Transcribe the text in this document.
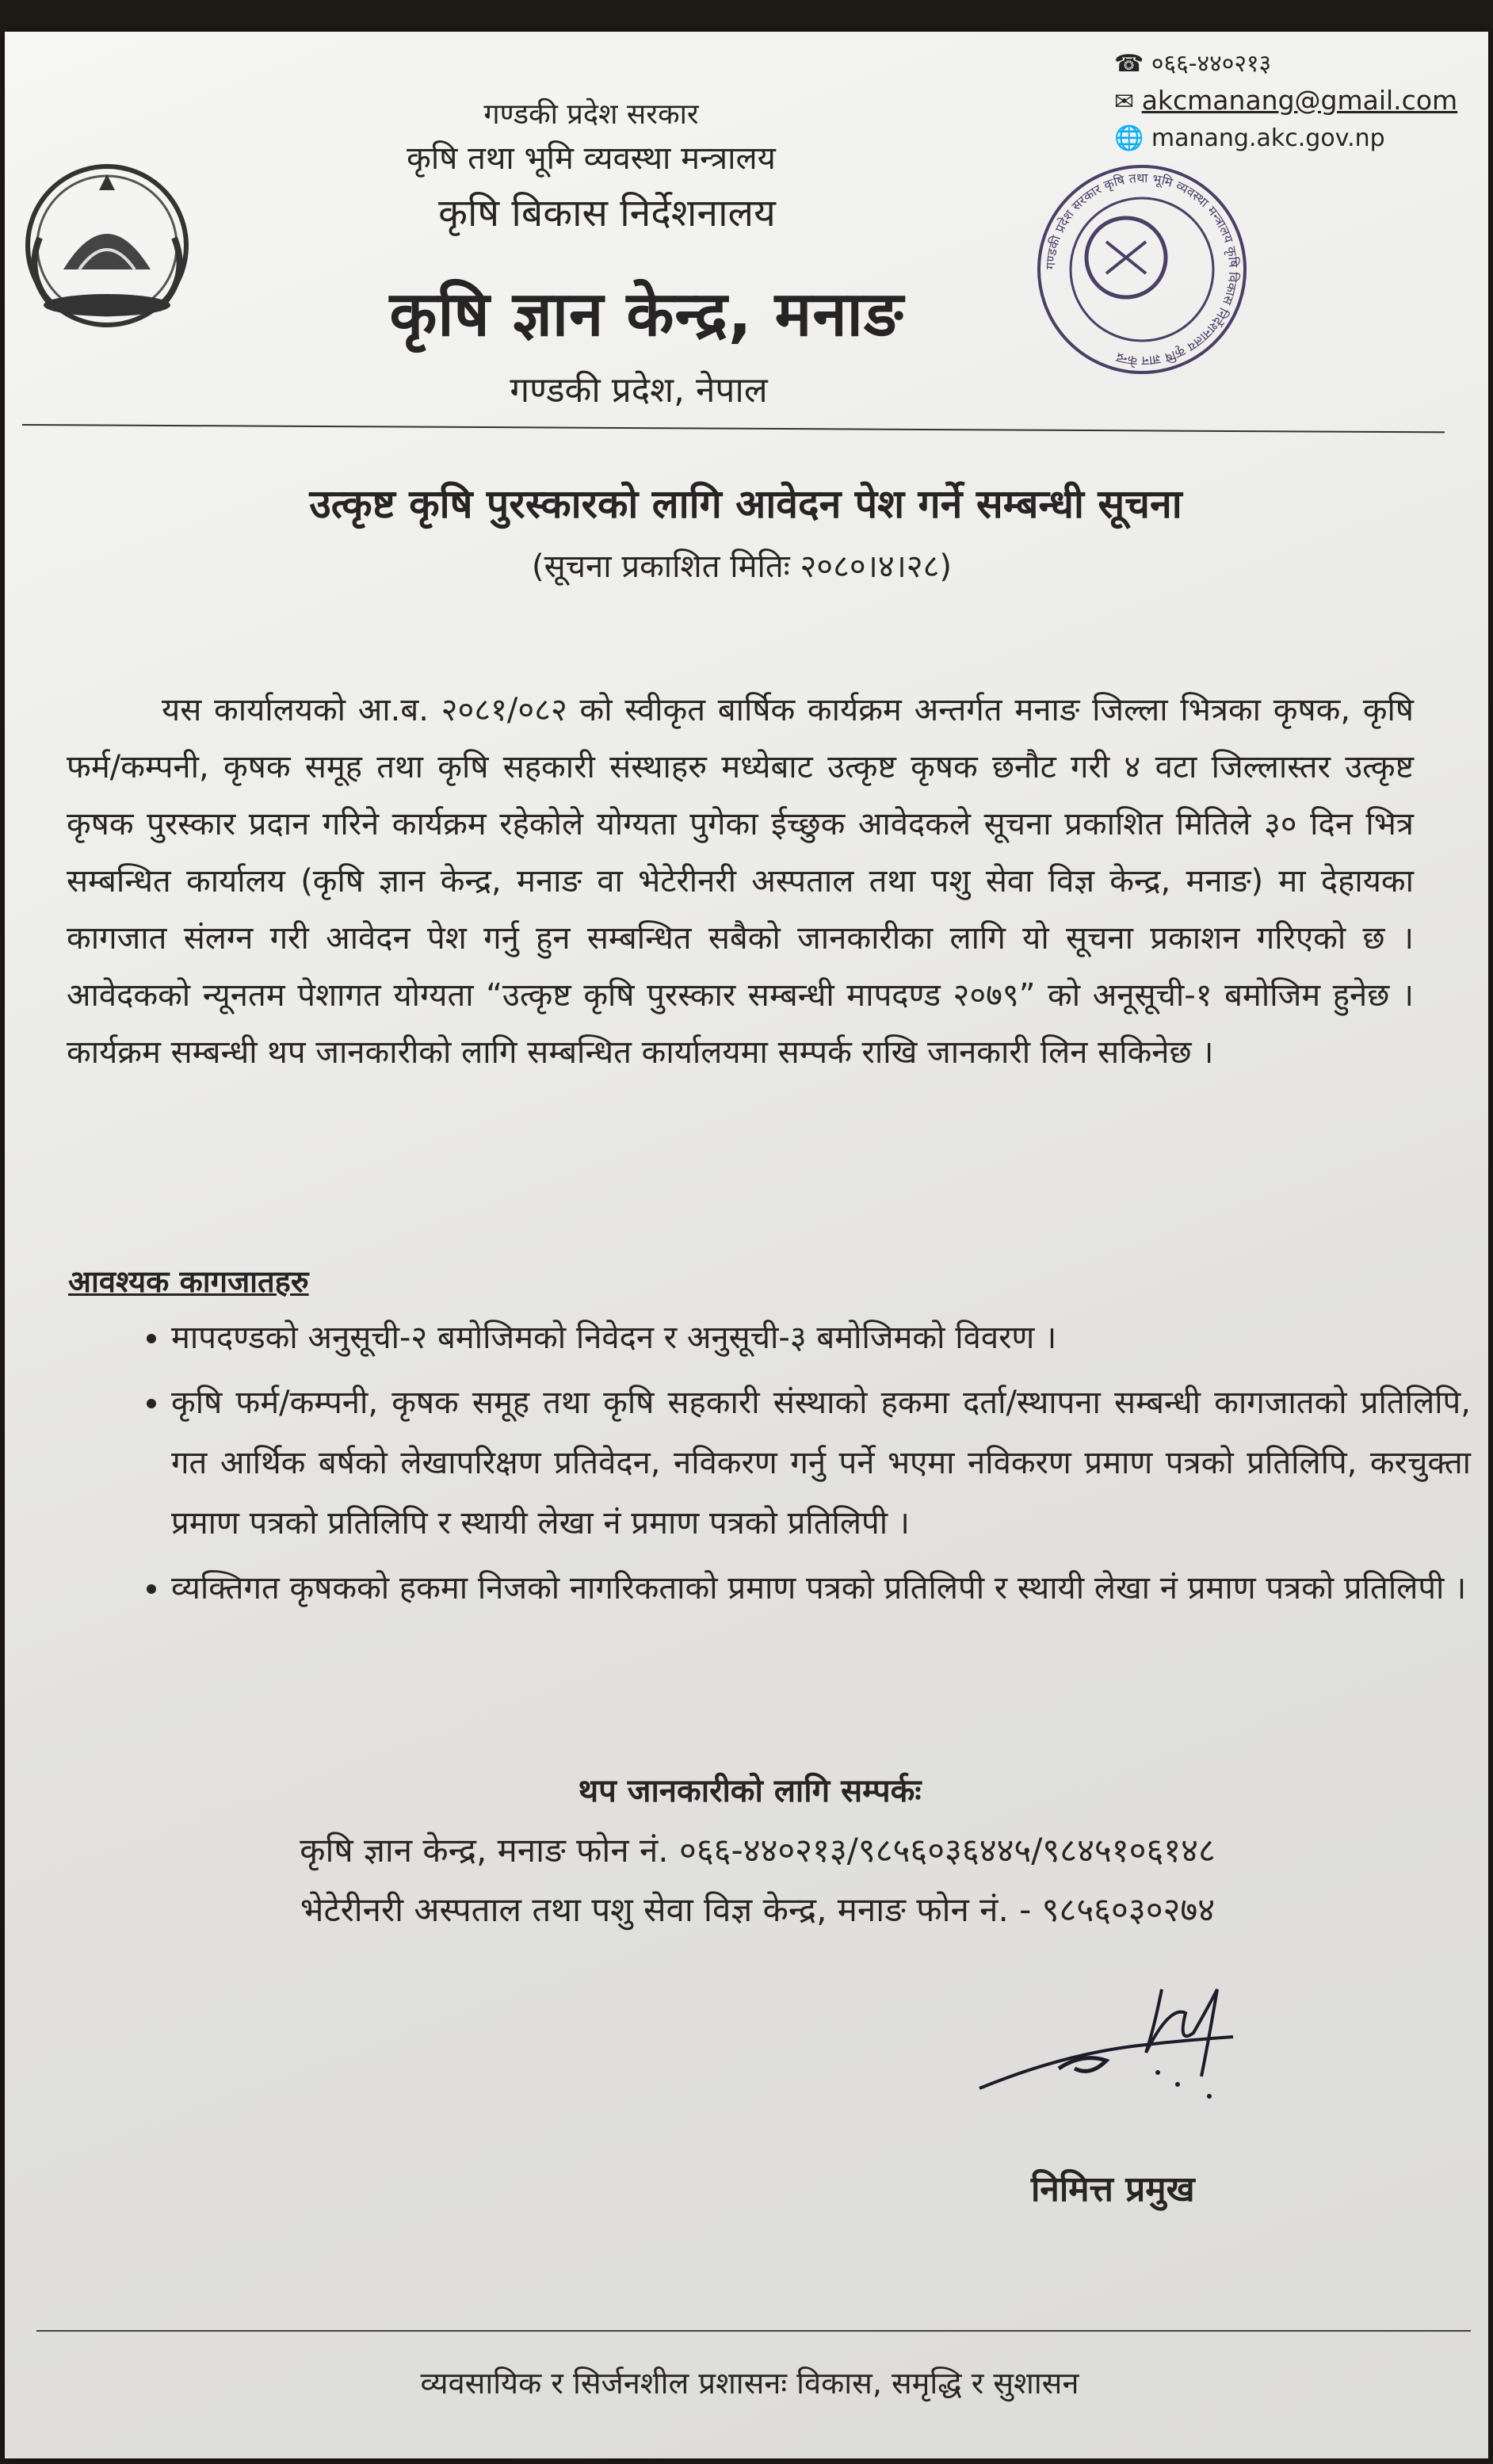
गण्डकी प्रदेश सरकार
कृषि तथा भूमि व्यवस्था मन्त्रालय
कृषि बिकास निर्देशनालय
कृषि ज्ञान केन्द्र, मनाङ
गण्डकी प्रदेश, नेपाल
गण्डकी प्रदेश सरकार कृषि तथा भूमि व्यवस्था मन्त्रालय कृषि विकास निर्देशनालय कृषि ज्ञान केन्द्र
☎ ०६६-४४०२१३
✉ akcmanang@gmail.com
🌐 manang.akc.gov.np
उत्कृष्ट कृषि पुरस्कारको लागि आवेदन पेश गर्ने सम्बन्धी सूचना
(सूचना प्रकाशित मितिः २०८०।४।२८)
यस कार्यालयको आ.ब. २०८१/०८२ को स्वीकृत बार्षिक कार्यक्रम अन्तर्गत मनाङ जिल्ला भित्रका कृषक, कृषि फर्म/कम्पनी, कृषक समूह तथा कृषि सहकारी संस्थाहरु मध्येबाट उत्कृष्ट कृषक छनौट गरी ४ वटा जिल्लास्तर उत्कृष्ट कृषक पुरस्कार प्रदान गरिने कार्यक्रम रहेकोले योग्यता पुगेका ईच्छुक आवेदकले सूचना प्रकाशित मितिले ३० दिन भित्र सम्बन्धित कार्यालय (कृषि ज्ञान केन्द्र, मनाङ वा भेटेरीनरी अस्पताल तथा पशु सेवा विज्ञ केन्द्र, मनाङ) मा देहायका कागजात संलग्न गरी आवेदन पेश गर्नु हुन सम्बन्धित सबैको जानकारीका लागि यो सूचना प्रकाशन गरिएको छ । आवेदकको न्यूनतम पेशागत योग्यता “उत्कृष्ट कृषि पुरस्कार सम्बन्धी मापदण्ड २०७९” को अनूसूची-१ बमोजिम हुनेछ । कार्यक्रम सम्बन्धी थप जानकारीको लागि सम्बन्धित कार्यालयमा सम्पर्क राखि जानकारी लिन सकिनेछ ।
आवश्यक कागजातहरु
• मापदण्डको अनुसूची-२ बमोजिमको निवेदन र अनुसूची-३ बमोजिमको विवरण ।
• कृषि फर्म/कम्पनी, कृषक समूह तथा कृषि सहकारी संस्थाको हकमा दर्ता/स्थापना सम्बन्धी कागजातको प्रतिलिपि, गत आर्थिक बर्षको लेखापरिक्षण प्रतिवेदन, नविकरण गर्नु पर्ने भएमा नविकरण प्रमाण पत्रको प्रतिलिपि, करचुक्ता प्रमाण पत्रको प्रतिलिपि र स्थायी लेखा नं प्रमाण पत्रको प्रतिलिपी ।
• व्यक्तिगत कृषकको हकमा निजको नागरिकताको प्रमाण पत्रको प्रतिलिपी र स्थायी लेखा नं प्रमाण पत्रको प्रतिलिपी ।
थप जानकारीको लागि सम्पर्कः
कृषि ज्ञान केन्द्र, मनाङ फोन नं. ०६६-४४०२१३/९८५६०३६४४५/९८४५१०६१४८
भेटेरीनरी अस्पताल तथा पशु सेवा विज्ञ केन्द्र, मनाङ फोन नं. - ९८५६०३०२७४
निमित्त प्रमुख
व्यवसायिक र सिर्जनशील प्रशासनः विकास, समृद्धि र सुशासन
